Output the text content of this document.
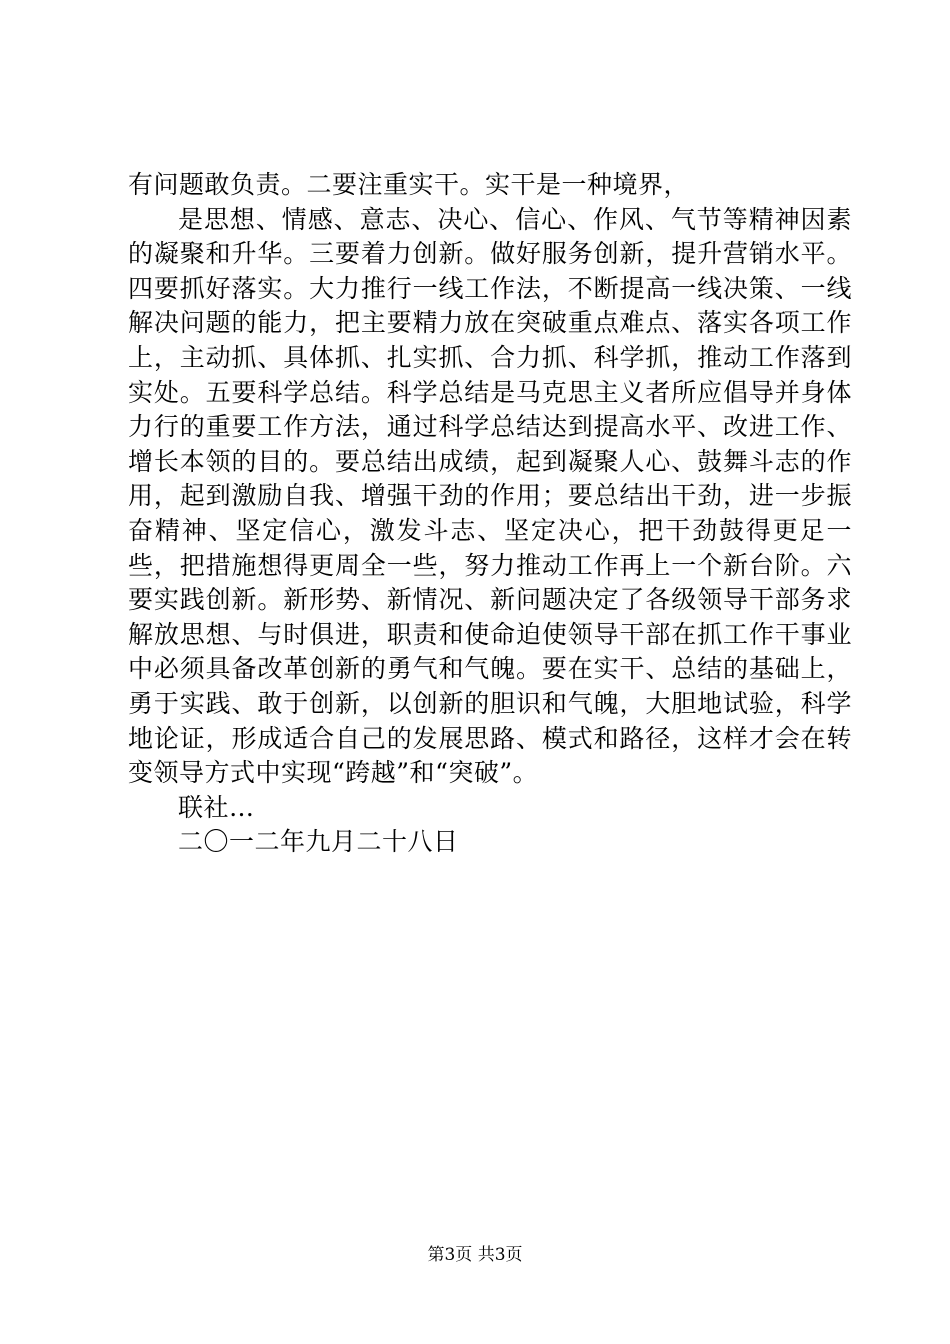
有问题敢负责。二要注重实干。实干是一种境界，

是思想、情感、意志、决心、信心、作风、气节等精神因素的凝聚和升华。三要着力创新。做好服务创新，提升营销水平。四要抓好落实。大力推行一线工作法，不断提高一线决策、一线解决问题的能力，把主要精力放在突破重点难点、落实各项工作上，主动抓、具体抓、扎实抓、合力抓、科学抓，推动工作落到实处。五要科学总结。科学总结是马克思主义者所应倡导并身体力行的重要工作方法，通过科学总结达到提高水平、改进工作、增长本领的目的。要总结出成绩，起到凝聚人心、鼓舞斗志的作用，起到激励自我、增强干劲的作用；要总结出干劲，进一步振奋精神、坚定信心，激发斗志、坚定决心，把干劲鼓得更足一些，把措施想得更周全一些，努力推动工作再上一个新台阶。六要实践创新。新形势、新情况、新问题决定了各级领导干部务求解放思想、与时俱进，职责和使命迫使领导干部在抓工作干事业中必须具备改革创新的勇气和气魄。要在实干、总结的基础上，勇于实践、敢于创新，以创新的胆识和气魄，大胆地试验，科学地论证，形成适合自己的发展思路、模式和路径，这样才会在转变领导方式中实现“跨越”和“突破”。

联社…

二〇一二年九月二十八日

第3页 共3页
